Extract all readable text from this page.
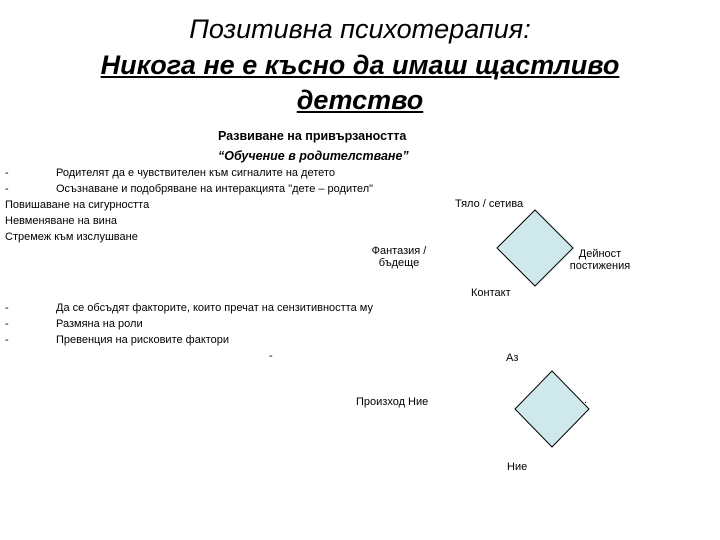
Позитивна психотерапия:
Никога не е късно да имаш щастливо
детство
Развиване на привързаността
“Обучение в родителстване”
-	Родителят да е чувствителен към сигналите на детето
-	Осъзнаване и подобряване на интеракцията "дете – родител"
Повишаване на сигурността
Невменяване на вина
Стремеж към изслушване
-	Да се обсъдят факторите, които пречат на сензитивността му
-	Размяна на роли
-	Превенция на рисковите фактори
-
Тяло / сетива
Фантазия /
бъдеще
Дейност
постижения
Контакт
Аз
Произход Ние	.
Ние
